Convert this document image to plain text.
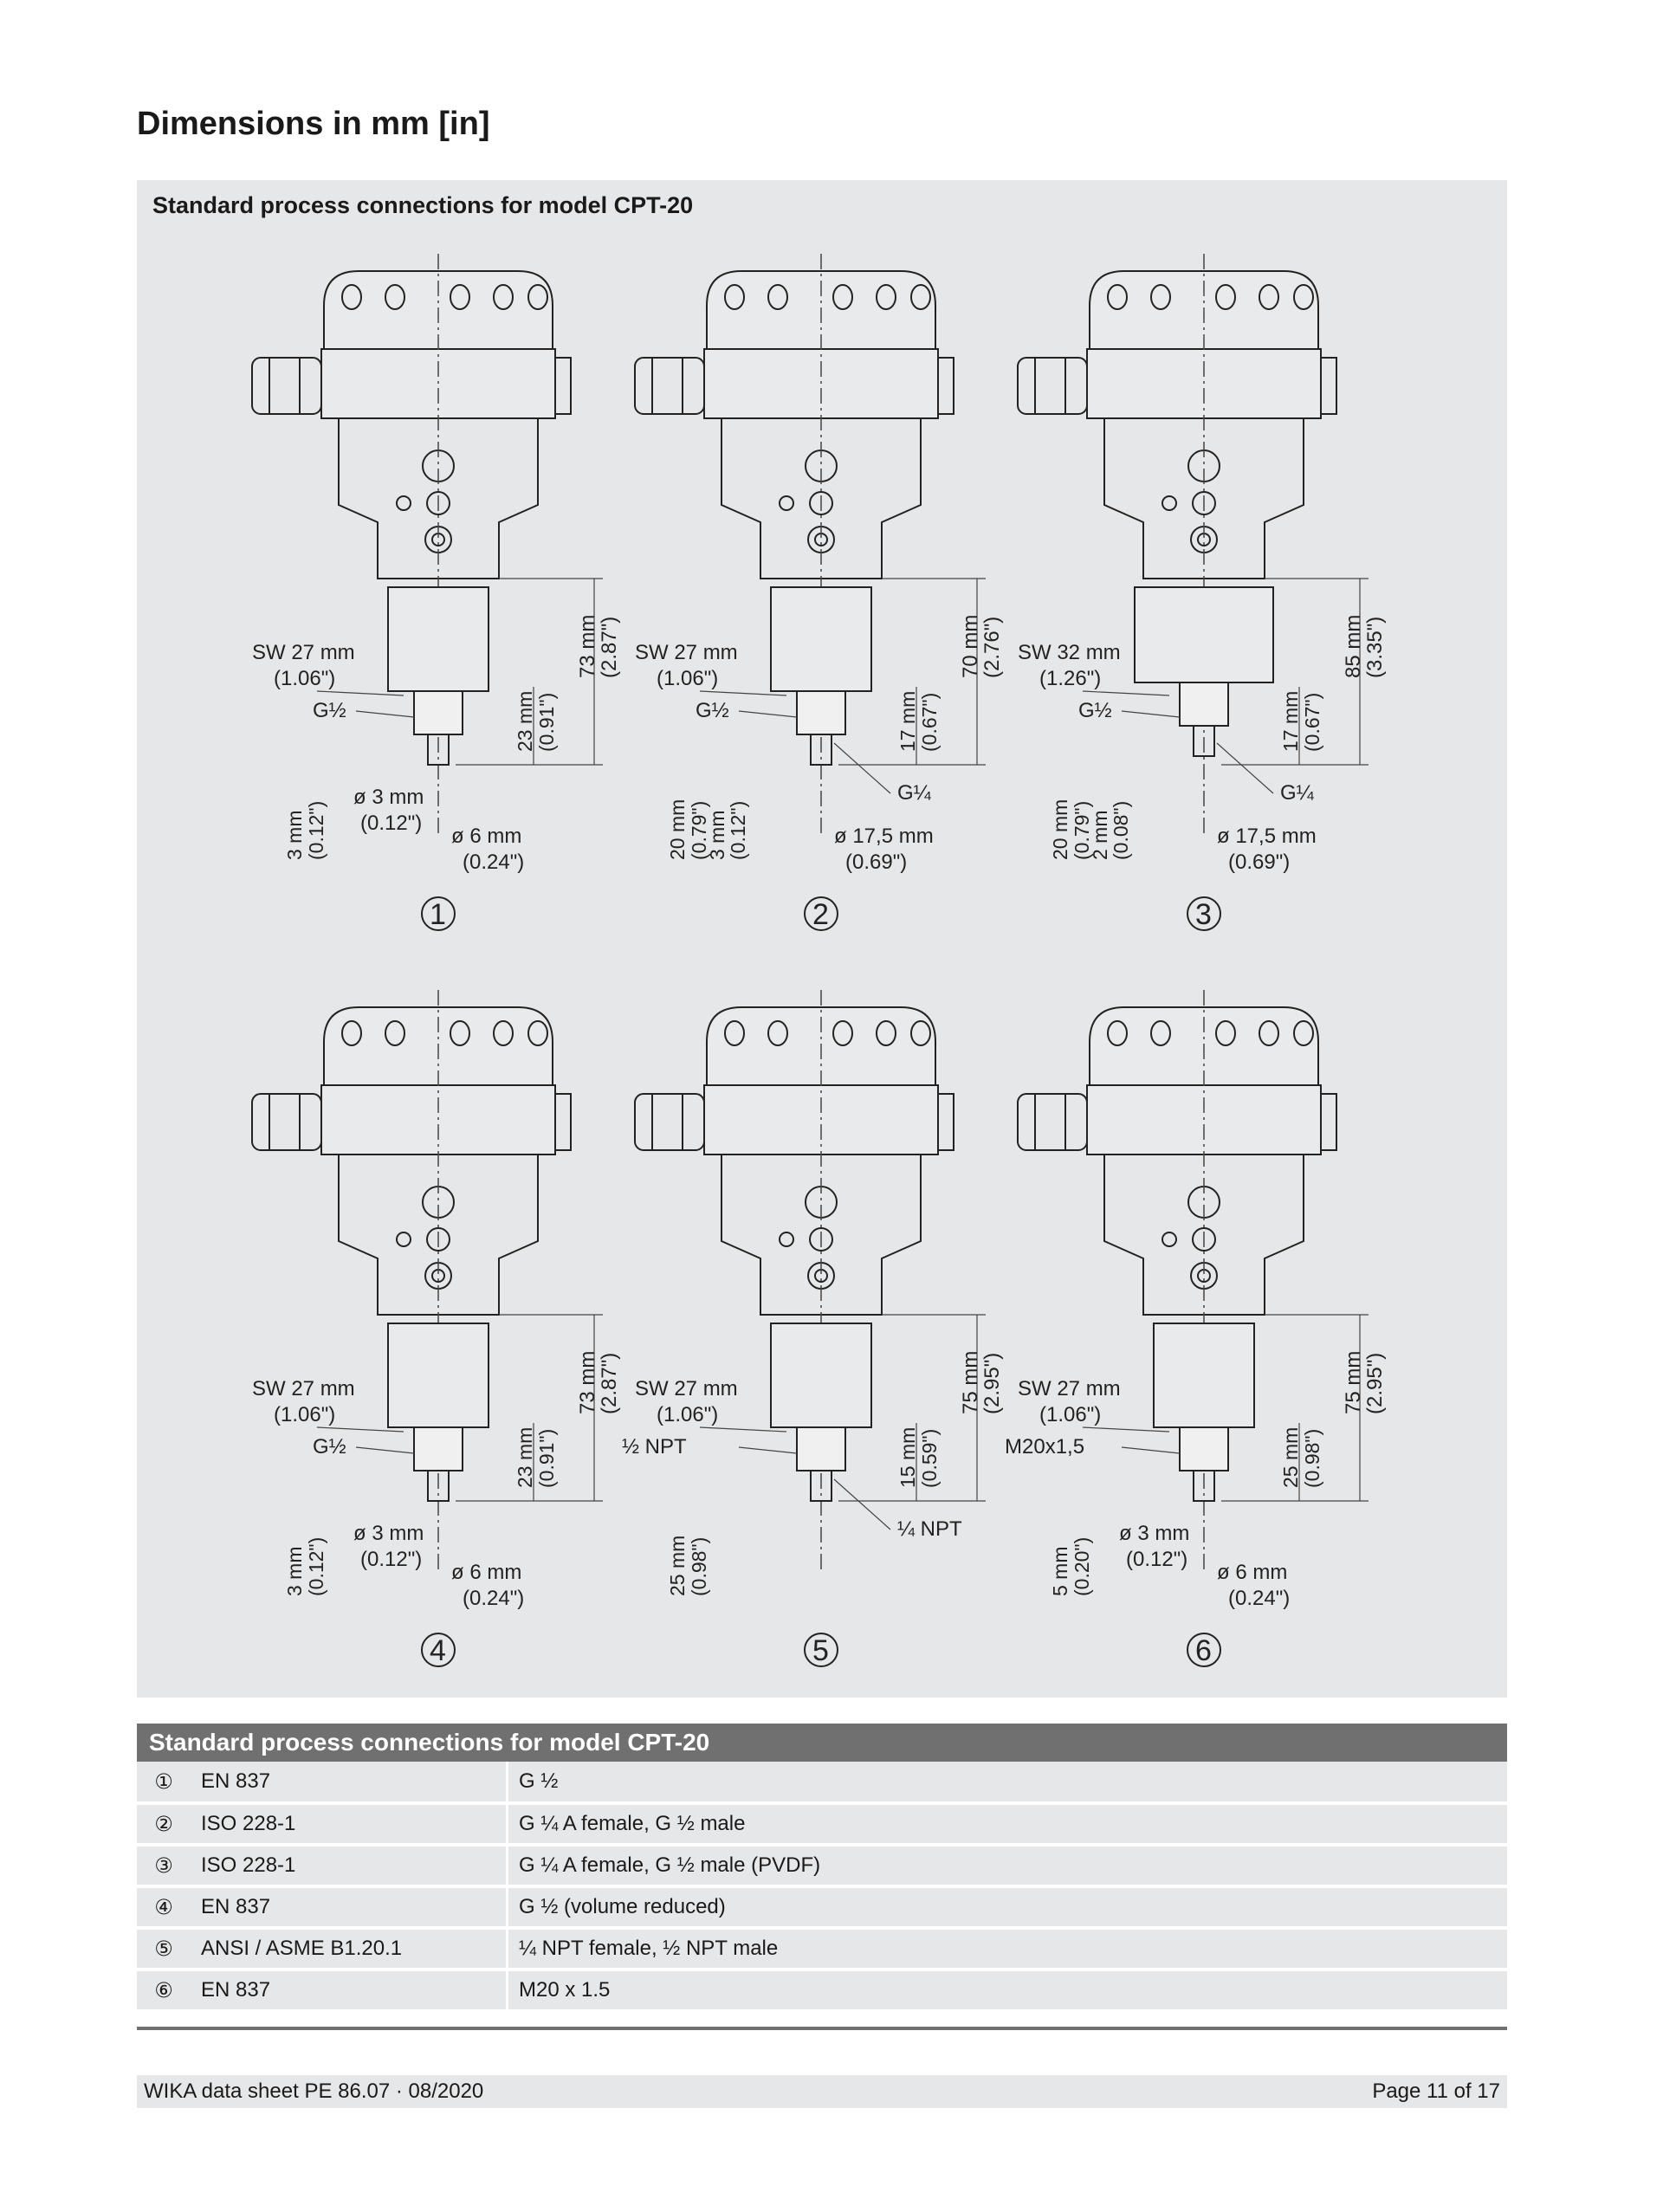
Dimensions in mm [in]
Standard process connections for model CPT-20
73 mm
(2.87")
23 mm (0.91")
3 mm (0.12")
SW 27 mm
(1.06")
G½
ø 3 mm
(0.12")
ø 6 mm
(0.24")
1
70 mm
(2.76")
17 mm (0.67")
20 mm (0.79")
3 mm
(0.12")
SW 27 mm
(1.06")
G½
G¼
ø 17,5 mm
(0.69")
2
85 mm
(3.35")
17 mm (0.67")
20 mm (0.79")
2 mm
(0.08")
SW 32 mm
(1.26")
G½
G¼
ø 17,5 mm
(0.69")
3
73 mm
(2.87")
23 mm (0.91")
3 mm (0.12")
SW 27 mm
(1.06")
G½
ø 3 mm
(0.12")
ø 6 mm
(0.24")
4
75 mm
(2.95")
15 mm (0.59")
25 mm (0.98")
SW 27 mm
(1.06")
½ NPT
¼ NPT
5
75 mm
(2.95")
25 mm (0.98")
5 mm (0.20")
SW 27 mm
(1.06")
M20x1,5
ø 3 mm
(0.12")
ø 6 mm
(0.24")
6
Standard process connections for model CPT-20		
①	EN 837	G ½
②	ISO 228-1	G ¼ A female, G ½ male
③	ISO 228-1	G ¼ A female, G ½ male (PVDF)
④	EN 837	G ½ (volume reduced)
⑤	ANSI / ASME B1.20.1	¼ NPT female, ½ NPT male
⑥	EN 837	M20 x 1.5
WIKA data sheet PE 86.07 · 08/2020	Page 11 of 17
